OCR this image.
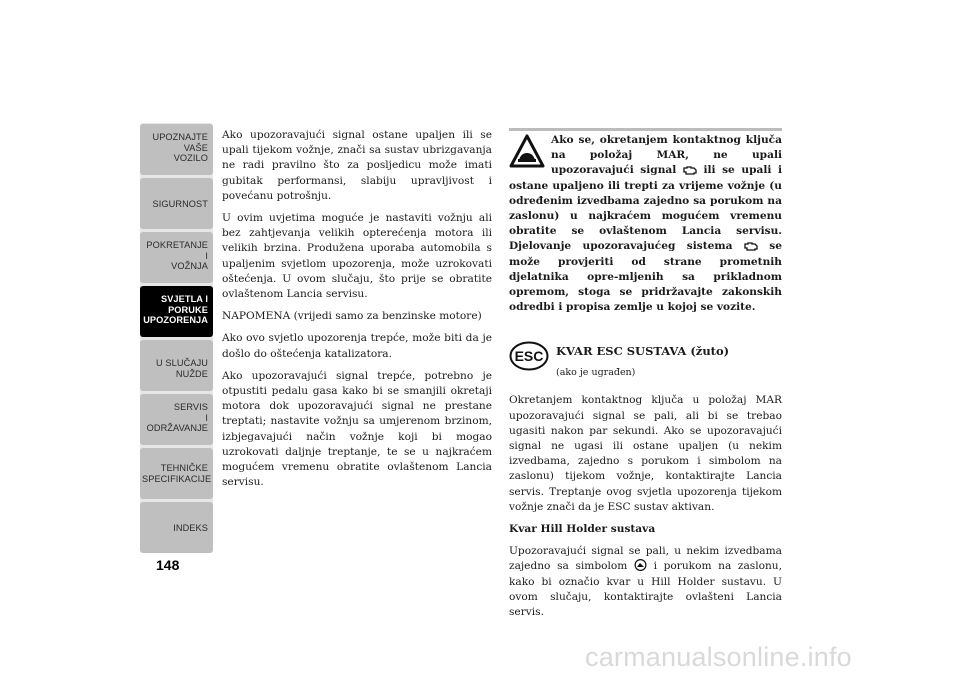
UPOZNAJTE
VAŠE
VOZILO
SIGURNOST
POKRETANJE
I
VOŽNJA
SVJETLA I
PORUKE
UPOZORENJA
U SLUČAJU
NUŽDE
SERVIS
I
ODRŽAVANJE
TEHNIČKE
SPECIFIKACIJE
INDEKS
148

Ako upozoravajući signal ostane upaljen ili se upali tijekom vožnje, znači sa sustav ubrizgavanja ne radi pravilno što za posljedicu može imati gubitak performansi, slabiju upravljivost i povećanu potrošnju.

U ovim uvjetima moguće je nastaviti vožnju ali bez zahtjevanja velikih opterećenja motora ili velikih brzina. Produžena uporaba automobila s upaljenim svjetlom upozorenja, može uzrokovati oštećenja. U ovom slučaju, što prije se obratite ovlaštenom Lancia servisu.

NAPOMENA (vrijedi samo za benzinske motore)

Ako ovo svjetlo upozorenja trepće, može biti da je došlo do oštećenja katalizatora.

Ako upozoravajući signal trepće, potrebno je otpustiti pedalu gasa kako bi se smanjili okretaji motora dok upozoravajući signal ne prestane treptati; nastavite vožnju sa umjerenom brzinom, izbjegavajući način vožnje koji bi mogao uzrokovati daljnje treptanje, te se u najkraćem mogućem vremenu obratite ovlaštenom Lancia servisu.

Ako se, okretanjem kontaktnog ključa na položaj MAR, ne upali upozoravajući signal	ili se upali i ostane upaljeno ili trepti za vrijeme vožnje (u određenim izvedbama zajedno sa porukom na zaslonu) u najkraćem mogućem vremenu obratite se ovlaštenom Lancia servisu. Djelovanje upozoravajućeg sistema	se može provjeriti od strane prometnih djelatnika opre-mljenih sa prikladnom opremom, stoga se pridržavajte zakonskih odredbi i propisa zemlje u kojoj se vozite.

ESC KVAR ESC SUSTAVA (žuto)
(ako je ugrađen)

Okretanjem kontaktnog ključa u položaj MAR upozoravajući signal se pali, ali bi se trebao ugasiti nakon par sekundi. Ako se upozoravajući signal ne ugasi ili ostane upaljen (u nekim izvedbama, zajedno s porukom i simbolom na zaslonu) tijekom vožnje, kontaktirajte Lancia servis. Treptanje ovog svjetla upozorenja tijekom vožnje znači da je ESC sustav aktivan.

Kvar Hill Holder sustava

Upozoravajući signal se pali, u nekim izvedbama zajedno sa simbolom i porukom na zaslonu, kako bi označio kvar u Hill Holder sustavu. U ovom slučaju, kontaktirajte ovlašteni Lancia servis.

carmanualsonline.info
